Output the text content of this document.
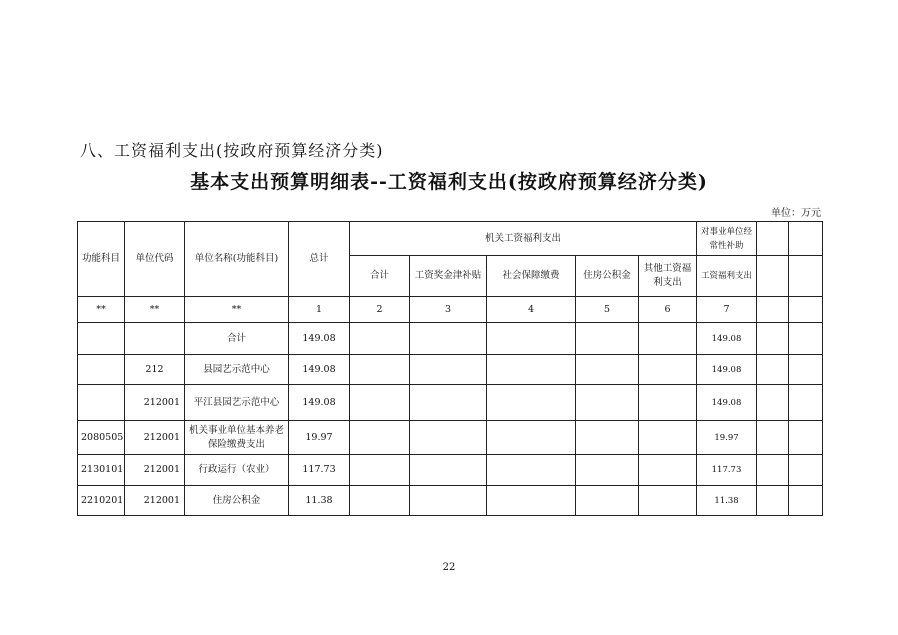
八、工资福利支出(按政府预算经济分类)
基本支出预算明细表--工资福利支出(按政府预算经济分类)
单位：万元
功能科目	单位代码	单位名称(功能科目)	总计	机关工资福利支出					对事业单位经常性补助		
				合计	工资奖金津补贴	社会保障缴费	住房公积金	其他工资福利支出	工资福利支出		
**	**	**	1	2	3	4	5	6	7		
		合计	149.08						149.08		
	212	县园艺示范中心	149.08						149.08		
	212001	平江县园艺示范中心	149.08						149.08		
2080505	212001	机关事业单位基本养老保险缴费支出	19.97						19.97		
2130101	212001	行政运行（农业）	117.73						117.73		
2210201	212001	住房公积金	11.38						11.38		
22
